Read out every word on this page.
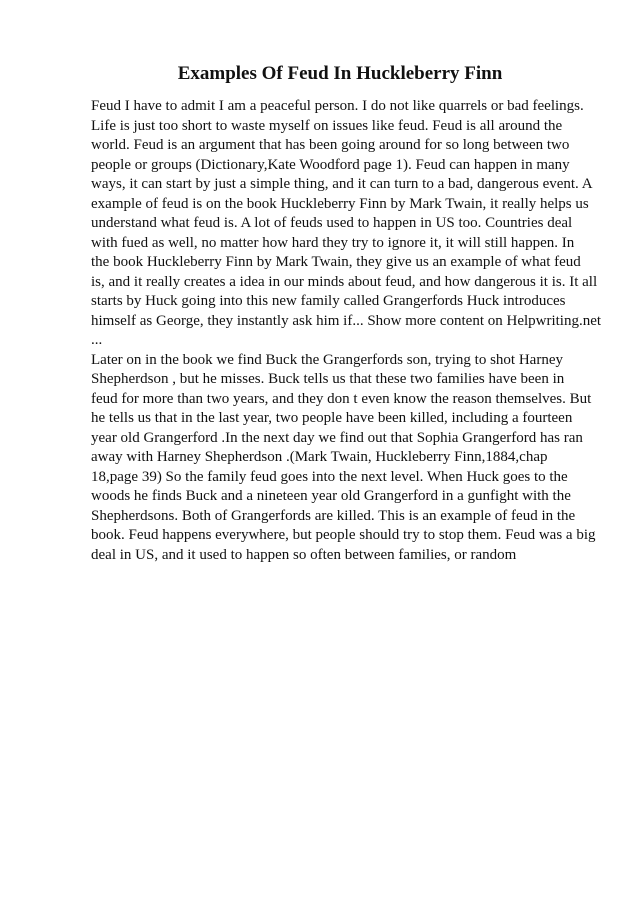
Examples Of Feud In Huckleberry Finn
Feud I have to admit I am a peaceful person. I do not like quarrels or bad feelings.
Life is just too short to waste myself on issues like feud. Feud is all around the
world. Feud is an argument that has been going around for so long between two
people or groups (Dictionary,Kate Woodford page 1). Feud can happen in many
ways, it can start by just a simple thing, and it can turn to a bad, dangerous event. A
example of feud is on the book Huckleberry Finn by Mark Twain, it really helps us
understand what feud is. A lot of feuds used to happen in US too. Countries deal
with fued as well, no matter how hard they try to ignore it, it will still happen. In
the book Huckleberry Finn by Mark Twain, they give us an example of what feud
is, and it really creates a idea in our minds about feud, and how dangerous it is. It all
starts by Huck going into this new family called Grangerfords Huck introduces
himself as George, they instantly ask him if... Show more content on Helpwriting.net
...
Later on in the book we find Buck the Grangerfords son, trying to shot Harney
Shepherdson , but he misses. Buck tells us that these two families have been in
feud for more than two years, and they don t even know the reason themselves. But
he tells us that in the last year, two people have been killed, including a fourteen
year old Grangerford .In the next day we find out that Sophia Grangerford has ran
away with Harney Shepherdson .(Mark Twain, Huckleberry Finn,1884,chap
18,page 39) So the family feud goes into the next level. When Huck goes to the
woods he finds Buck and a nineteen year old Grangerford in a gunfight with the
Shepherdsons. Both of Grangerfords are killed. This is an example of feud in the
book. Feud happens everywhere, but people should try to stop them. Feud was a big
deal in US, and it used to happen so often between families, or random
